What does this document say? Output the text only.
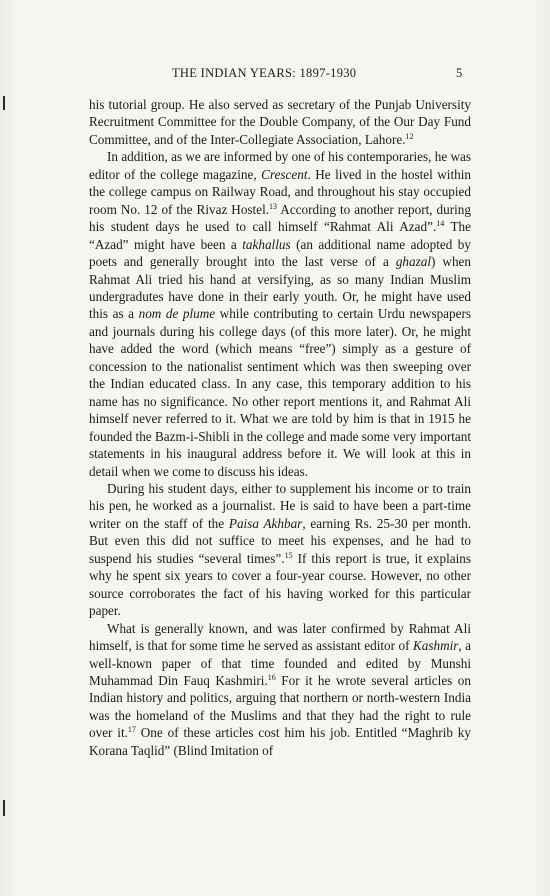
THE INDIAN YEARS: 1897-1930	5

his tutorial group. He also served as secretary of the Punjab University Recruitment Committee for the Double Company, of the Our Day Fund Committee, and of the Inter-Collegiate Association, Lahore.$^{12}$

In addition, as we are informed by one of his contemporaries, he was editor of the college magazine, Crescent. He lived in the hostel within the college campus on Railway Road, and throughout his stay occupied room No. 12 of the Rivaz Hostel.$^{13}$ According to another report, during his student days he used to call himself “Rahmat Ali Azad”.$^{14}$ The “Azad” might have been a takhallus (an additional name adopted by poets and generally brought into the last verse of a ghazal) when Rahmat Ali tried his hand at versifying, as so many Indian Muslim undergradutes have done in their early youth. Or, he might have used this as a nom de plume while contributing to certain Urdu newspapers and journals during his college days (of this more later). Or, he might have added the word (which means “free”) simply as a gesture of concession to the nationalist sentiment which was then sweeping over the Indian educated class. In any case, this temporary addition to his name has no significance. No other report mentions it, and Rahmat Ali himself never referred to it. What we are told by him is that in 1915 he founded the Bazm-i-Shibli in the college and made some very important statements in his inaugural address before it. We will look at this in detail when we come to discuss his ideas.

During his student days, either to supplement his income or to train his pen, he worked as a journalist. He is said to have been a part-time writer on the staff of the Paisa Akhbar, earning Rs. 25-30 per month. But even this did not suffice to meet his expenses, and he had to suspend his studies “several times”.$^{15}$ If this report is true, it explains why he spent six years to cover a four-year course. However, no other source corroborates the fact of his having worked for this particular paper.

What is generally known, and was later confirmed by Rahmat Ali himself, is that for some time he served as assistant editor of Kashmir, a well-known paper of that time founded and edited by Munshi Muhammad Din Fauq Kashmiri.$^{16}$ For it he wrote several articles on Indian history and politics, arguing that northern or north-western India was the homeland of the Muslims and that they had the right to rule over it.$^{17}$ One of these articles cost him his job. Entitled “Maghrib ky Korana Taqlid” (Blind Imitation of
